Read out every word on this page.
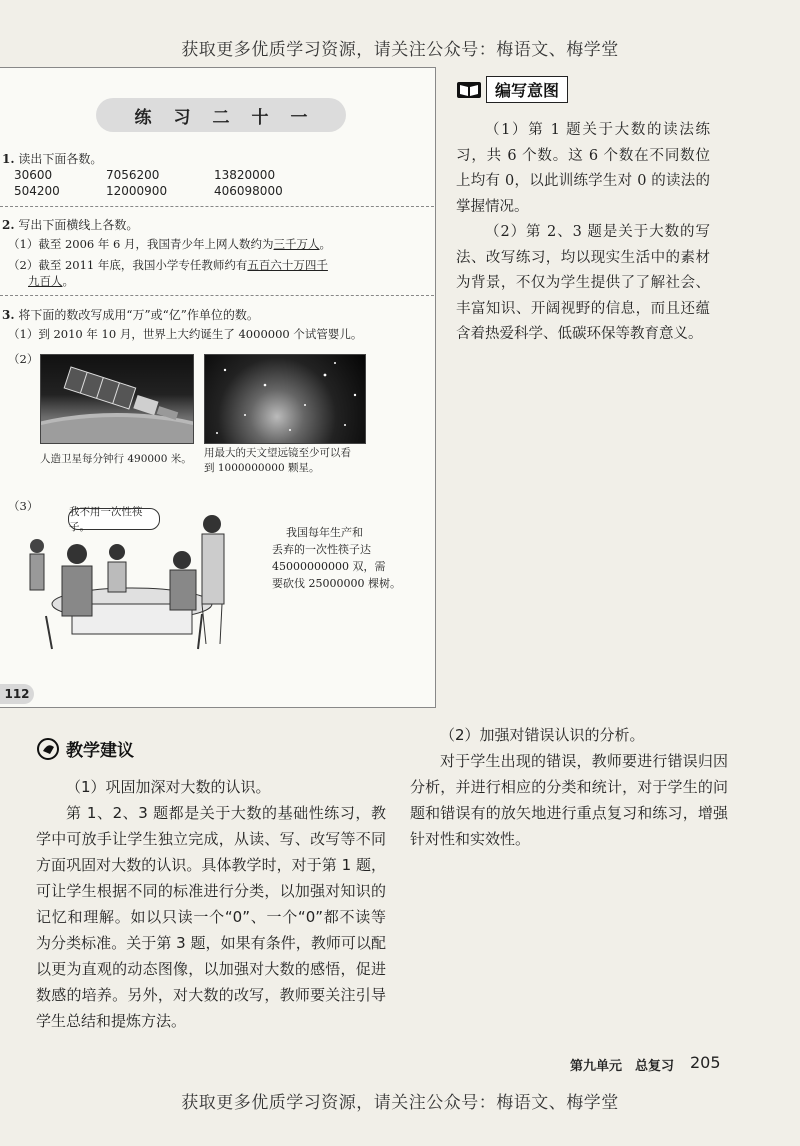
获取更多优质学习资源，请关注公众号：梅语文、梅学堂
练习二十一
1. 读出下面各数。
30600	7056200	13820000
504200	12000900	406098000
2. 写出下面横线上各数。
（1）截至 2006 年 6 月，我国青少年上网人数约为三千万人。
（2）截至 2011 年底，我国小学专任教师约有五百六十万四千
九百人。
3. 将下面的数改写成用“万”或“亿”作单位的数。
（1）到 2010 年 10 月，世界上大约诞生了 4000000 个试管婴儿。
（2）
人造卫星每分钟行 490000 米。 用最大的天文望远镜至少可以看
到 1000000000 颗星。
（3）	我不用一次性筷子。	我国每年生产和
丢弃的一次性筷子达
45000000000 双，需
要砍伐 25000000 棵树。
112
编写意图

（1）第 1 题关于大数的读法练习，共 6 个数。这 6 个数在不同数位上均有 0，以此训练学生对 0 的读法的掌握情况。

（2）第 2、3 题是关于大数的写法、改写练习，均以现实生活中的素材为背景，不仅为学生提供了了解社会、丰富知识、开阔视野的信息，而且还蕴含着热爱科学、低碳环保等教育意义。

教学建议

（1）巩固加深对大数的认识。

第 1、2、3 题都是关于大数的基础性练习，教学中可放手让学生独立完成，从读、写、改写等不同方面巩固对大数的认识。具体教学时，对于第 1 题，可让学生根据不同的标准进行分类，以加强对知识的记忆和理解。如以只读一个“0”、一个“0”都不读等为分类标准。关于第 3 题，如果有条件，教师可以配以更为直观的动态图像，以加强对大数的感悟，促进数感的培养。另外，对大数的改写，教师要关注引导学生总结和提炼方法。

（2）加强对错误认识的分析。

对于学生出现的错误，教师要进行错误归因分析，并进行相应的分类和统计，对于学生的问题和错误有的放矢地进行重点复习和练习，增强针对性和实效性。

第九单元　总复习 205
获取更多优质学习资源，请关注公众号：梅语文、梅学堂
